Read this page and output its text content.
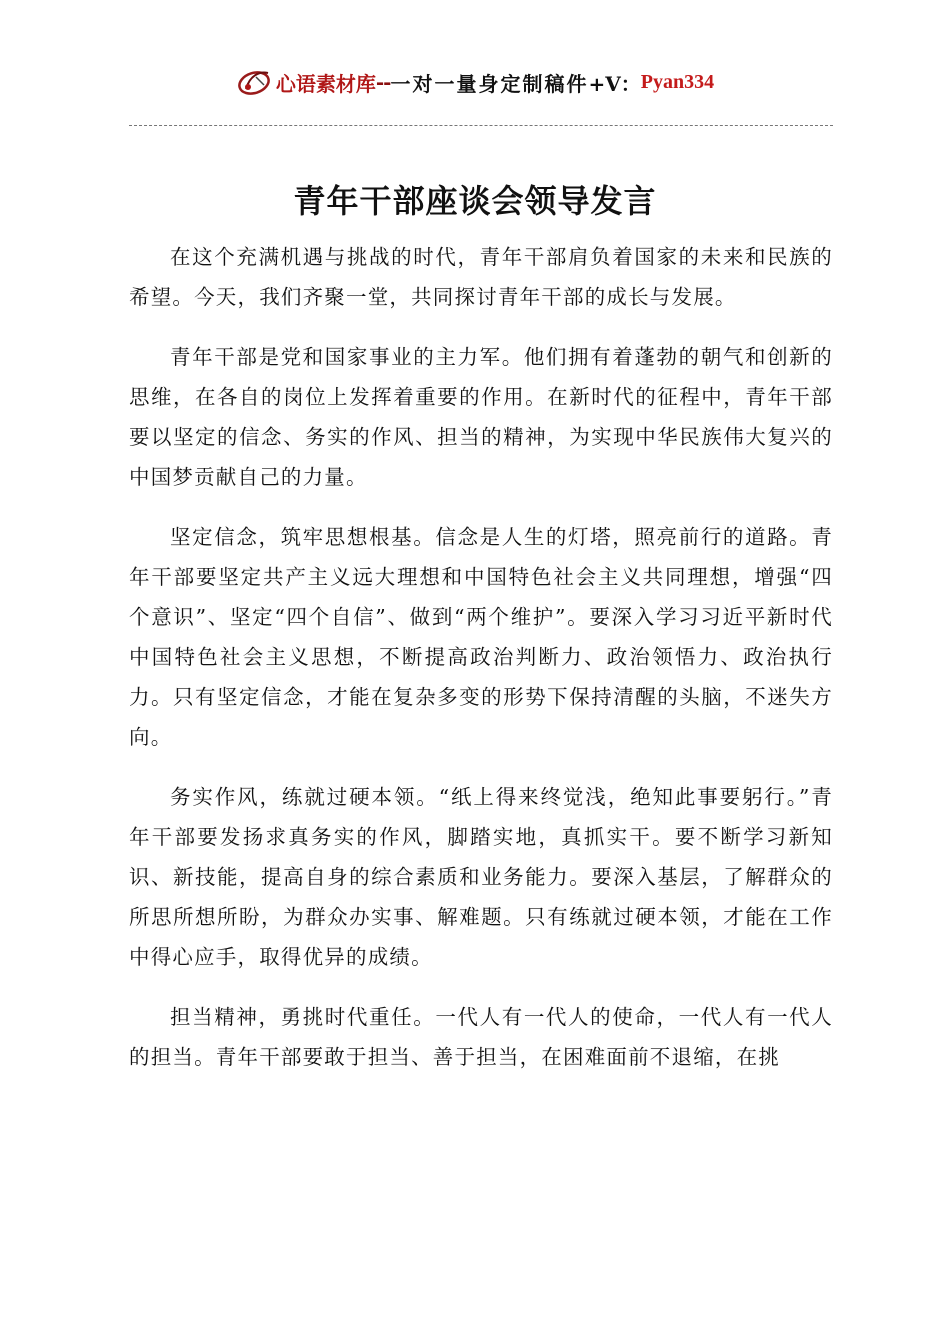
心语素材库 -- 一对一量身定制稿件 +V： Pyan334
青年干部座谈会领导发言

在这个充满机遇与挑战的时代，青年干部肩负着国家的未来和民族的希望。今天，我们齐聚一堂，共同探讨青年干部的成长与发展。

青年干部是党和国家事业的主力军。他们拥有着蓬勃的朝气和创新的思维，在各自的岗位上发挥着重要的作用。在新时代的征程中，青年干部要以坚定的信念、务实的作风、担当的精神，为实现中华民族伟大复兴的中国梦贡献自己的力量。

坚定信念，筑牢思想根基。信念是人生的灯塔，照亮前行的道路。青年干部要坚定共产主义远大理想和中国特色社会主义共同理想，增强“四个意识”、坚定“四个自信”、做到“两个维护”。要深入学习习近平新时代中国特色社会主义思想，不断提高政治判断力、政治领悟力、政治执行力。只有坚定信念，才能在复杂多变的形势下保持清醒的头脑，不迷失方向。

务实作风，练就过硬本领。“纸上得来终觉浅，绝知此事要躬行。”青年干部要发扬求真务实的作风，脚踏实地，真抓实干。要不断学习新知识、新技能，提高自身的综合素质和业务能力。要深入基层，了解群众的所思所想所盼，为群众办实事、解难题。只有练就过硬本领，才能在工作中得心应手，取得优异的成绩。

担当精神，勇挑时代重任。一代人有一代人的使命，一代人有一代人的担当。青年干部要敢于担当、善于担当，在困难面前不退缩，在挑
